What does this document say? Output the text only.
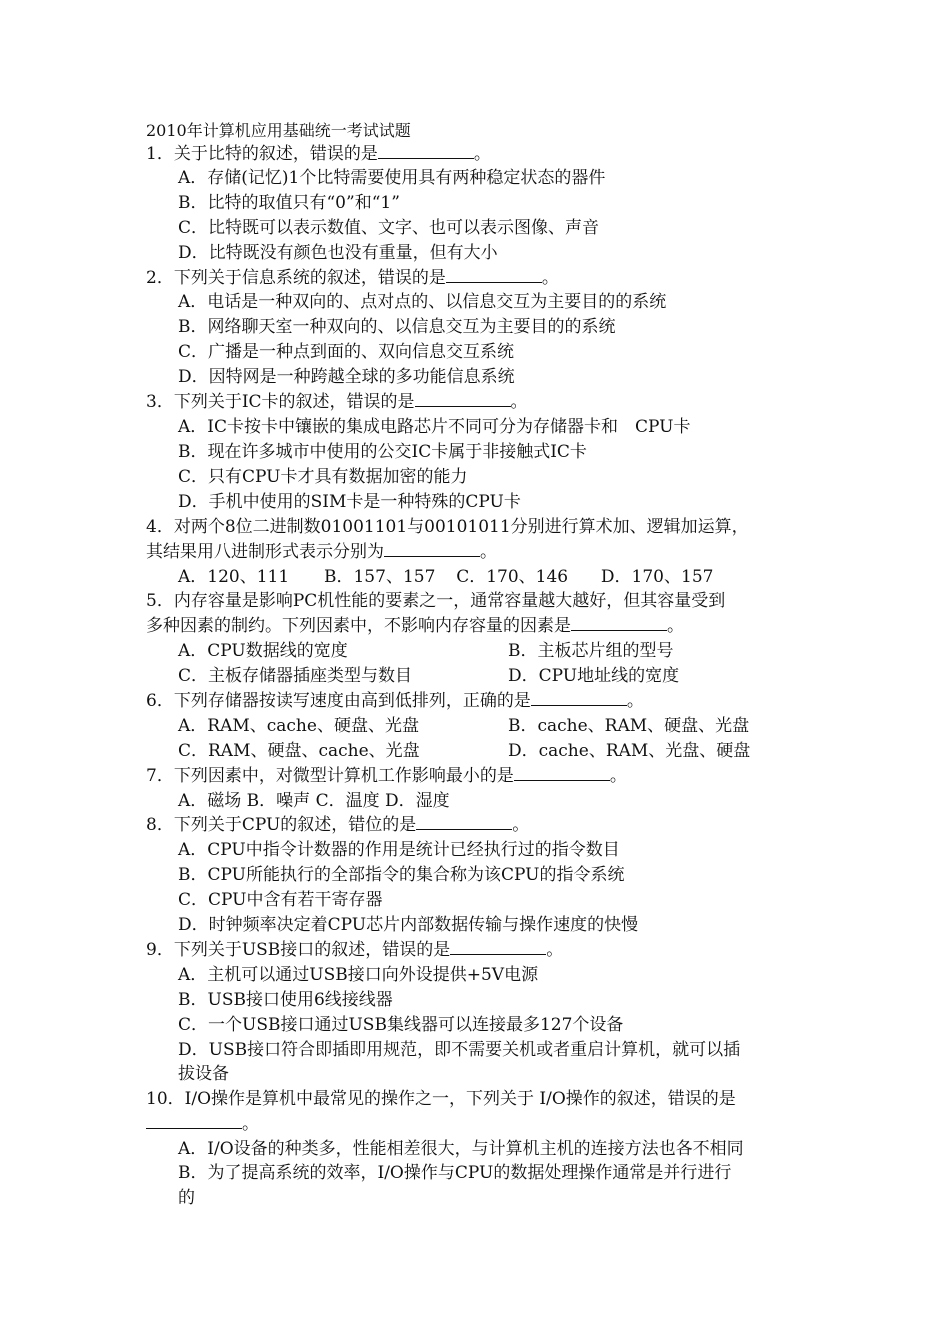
2010年计算机应用基础统一考试试题
1．关于比特的叙述，错误的是	。
A．存储(记忆)1个比特需要使用具有两种稳定状态的器件
B．比特的取值只有“0”和“1”
C．比特既可以表示数值、文字、也可以表示图像、声音
D．比特既没有颜色也没有重量，但有大小
2．下列关于信息系统的叙述，错误的是	。
A．电话是一种双向的、点对点的、以信息交互为主要目的的系统
B．网络聊天室一种双向的、以信息交互为主要目的的系统
C．广播是一种点到面的、双向信息交互系统
D．因特网是一种跨越全球的多功能信息系统
3．下列关于IC卡的叙述，错误的是	。
A．IC卡按卡中镶嵌的集成电路芯片不同可分为存储器卡和　CPU卡
B．现在许多城市中使用的公交IC卡属于非接触式IC卡
C．只有CPU卡才具有数据加密的能力
D．手机中使用的SIM卡是一种特殊的CPU卡
4．对两个8位二进制数01001101与00101011分别进行算术加、逻辑加运算，
其结果用八进制形式表示分别为	。
A．120、111 B．157、157 C．170、146 D．170、157
5．内存容量是影响PC机性能的要素之一，通常容量越大越好，但其容量受到
多种因素的制约。下列因素中，不影响内存容量的因素是	。
A．CPU数据线的宽度	B．主板芯片组的型号
C．主板存储器插座类型与数目	D．CPU地址线的宽度
6．下列存储器按读写速度由高到低排列，正确的是	。
A．RAM、cache、硬盘、光盘	B．cache、RAM、硬盘、光盘
C．RAM、硬盘、cache、光盘	D．cache、RAM、光盘、硬盘
7．下列因素中，对微型计算机工作影响最小的是	。
A．磁场 B．噪声 C．温度 D．湿度
8．下列关于CPU的叙述，错位的是	。
A．CPU中指令计数器的作用是统计已经执行过的指令数目
B．CPU所能执行的全部指令的集合称为该CPU的指令系统
C．CPU中含有若干寄存器
D．时钟频率决定着CPU芯片内部数据传输与操作速度的快慢
9．下列关于USB接口的叙述，错误的是	。
A．主机可以通过USB接口向外设提供+5V电源
B．USB接口使用6线接线器
C．一个USB接口通过USB集线器可以连接最多127个设备
D．USB接口符合即插即用规范，即不需要关机或者重启计算机，就可以插
拔设备
10．I/O操作是算机中最常见的操作之一，下列关于 I/O操作的叙述，错误的是
。
A．I/O设备的种类多，性能相差很大，与计算机主机的连接方法也各不相同
B．为了提高系统的效率，I/O操作与CPU的数据处理操作通常是并行进行
的
